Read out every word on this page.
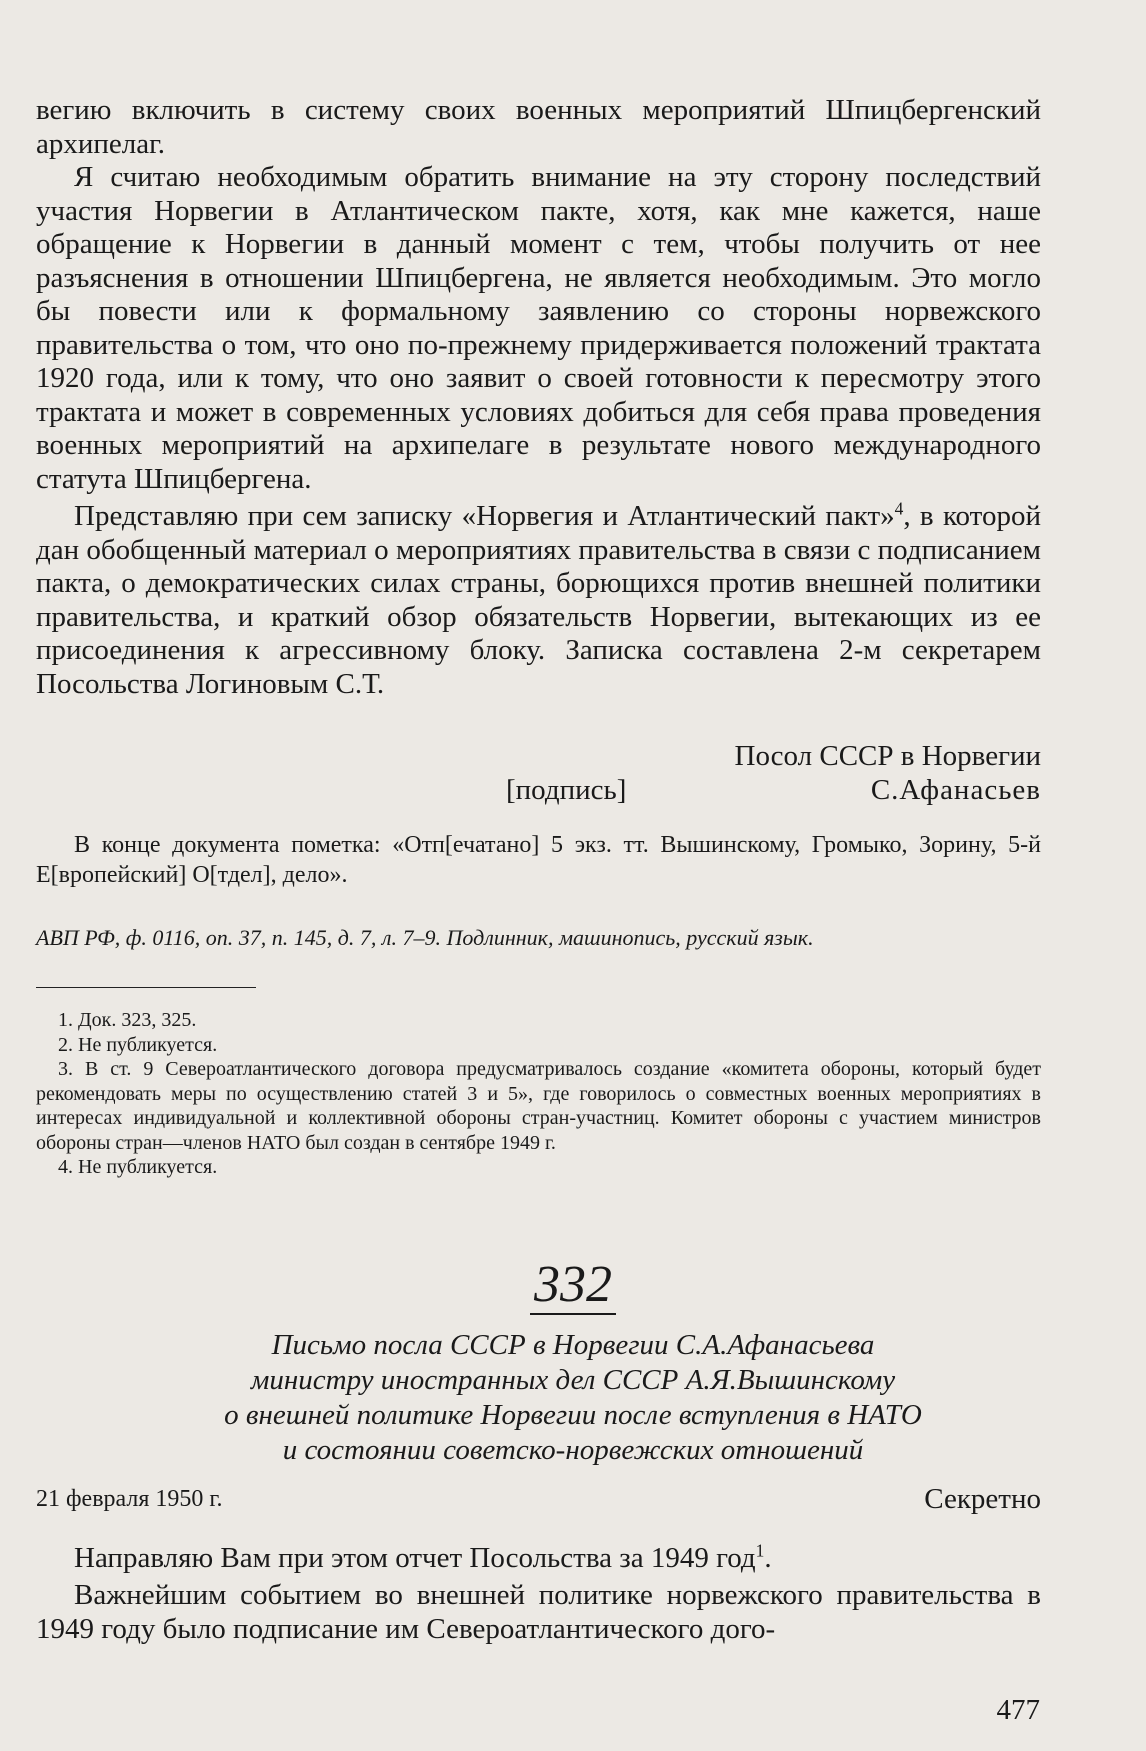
вегию включить в систему своих военных мероприятий Шпицбергенский архипелаг.

Я считаю необходимым обратить внимание на эту сторону последствий участия Норвегии в Атлантическом пакте, хотя, как мне кажется, наше обращение к Норвегии в данный момент с тем, чтобы получить от нее разъяснения в отношении Шпицбергена, не является необходимым. Это могло бы повести или к формальному заявлению со стороны норвежского правительства о том, что оно по-прежнему придерживается положений трактата 1920 года, или к тому, что оно заявит о своей готовности к пересмотру этого трактата и может в современных условиях добиться для себя права проведения военных мероприятий на архипелаге в результате нового международного статута Шпицбергена.

Представляю при сем записку «Норвегия и Атлантический пакт»$^4$, в которой дан обобщенный материал о мероприятиях правительства в связи с подписанием пакта, о демократических силах страны, борющихся против внешней политики правительства, и краткий обзор обязательств Норвегии, вытекающих из ее присоединения к агрессивному блоку. Записка составлена 2-м секретарем Посольства Логиновым С.Т.

Посол СССР в Норвегии
[подпись]	С.Афанасьев

В конце документа пометка: «Отп[ечатано] 5 экз. тт. Вышинскому, Громыко, Зорину, 5-й Е[вропейский] О[тдел], дело».

АВП РФ, ф. 0116, оп. 37, п. 145, д. 7, л. 7–9. Подлинник, машинопись, русский язык.

1. Док. 323, 325.

2. Не публикуется.

3. В ст. 9 Североатлантического договора предусматривалось создание «комитета обороны, который будет рекомендовать меры по осуществлению статей 3 и 5», где говорилось о совместных военных мероприятиях в интересах индивидуальной и коллективной обороны стран-участниц. Комитет обороны с участием министров обороны стран—членов НАТО был создан в сентябре 1949 г.

4. Не публикуется.

332
Письмо посла СССР в Норвегии С.А.Афанасьева
министру иностранных дел СССР А.Я.Вышинскому
о внешней политике Норвегии после вступления в НАТО
и состоянии советско-норвежских отношений
21 февраля 1950 г.	Секретно

Направляю Вам при этом отчет Посольства за 1949 год$^1$.

Важнейшим событием во внешней политике норвежского правительства в 1949 году было подписание им Североатлантического дого-

477
